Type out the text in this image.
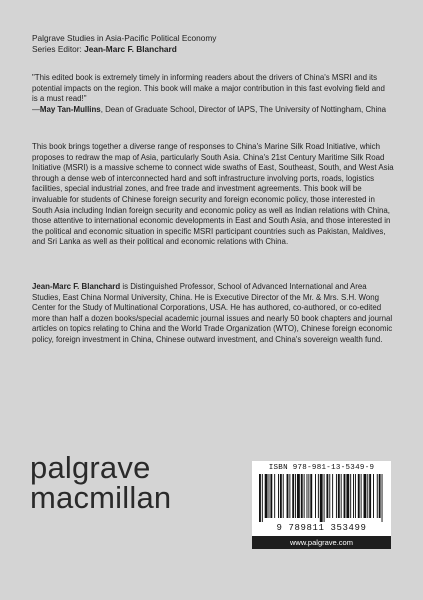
Palgrave Studies in Asia-Pacific Political Economy
Series Editor: Jean-Marc F. Blanchard
"This edited book is extremely timely in informing readers about the drivers of China's MSRI and its potential impacts on the region. This book will make a major contribution in this fast evolving field and is a must read!"
—May Tan-Mullins, Dean of Graduate School, Director of IAPS, The University of Nottingham, China

This book brings together a diverse range of responses to China's Marine Silk Road Initiative, which proposes to redraw the map of Asia, particularly South Asia. China's 21st Century Maritime Silk Road Initiative (MSRI) is a massive scheme to connect wide swaths of East, Southeast, South, and West Asia through a dense web of interconnected hard and soft infrastructure involving ports, roads, logistics facilities, special industrial zones, and free trade and investment agreements. This book will be invaluable for students of Chinese foreign security and foreign economic policy, those interested in South Asia including Indian foreign security and economic policy as well as Indian relations with China, those attentive to international economic developments in East and South Asia, and those interested in the political and economic situation in specific MSRI participant countries such as Pakistan, Maldives, and Sri Lanka as well as their political and economic relations with China.

Jean-Marc F. Blanchard is Distinguished Professor, School of Advanced International and Area Studies, East China Normal University, China. He is Executive Director of the Mr. & Mrs. S.H. Wong Center for the Study of Multinational Corporations, USA. He has authored, co-authored, or co-edited more than half a dozen books/special academic journal issues and nearly 50 book chapters and journal articles on topics relating to China and the World Trade Organization (WTO), Chinese foreign economic policy, foreign investment in China, Chinese outward investment, and China's sovereign wealth fund.

palgrave
macmillan
ISBN 978-981-13-5349-9
9 789811 353499
www.palgrave.com
